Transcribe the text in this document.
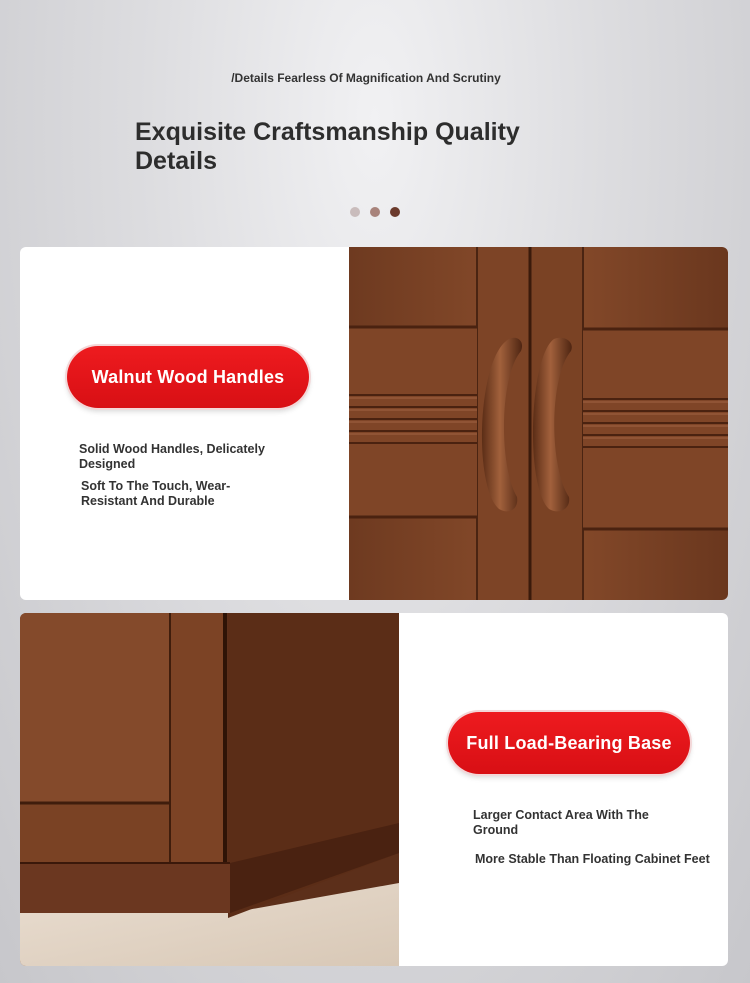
/Details Fearless Of Magnification And Scrutiny
Exquisite Craftsmanship Quality Details
Walnut Wood Handles
Solid Wood Handles, Delicately Designed
Soft To The Touch, Wear-Resistant And Durable
Full Load-Bearing Base
Larger Contact Area With The Ground
More Stable Than Floating Cabinet Feet
